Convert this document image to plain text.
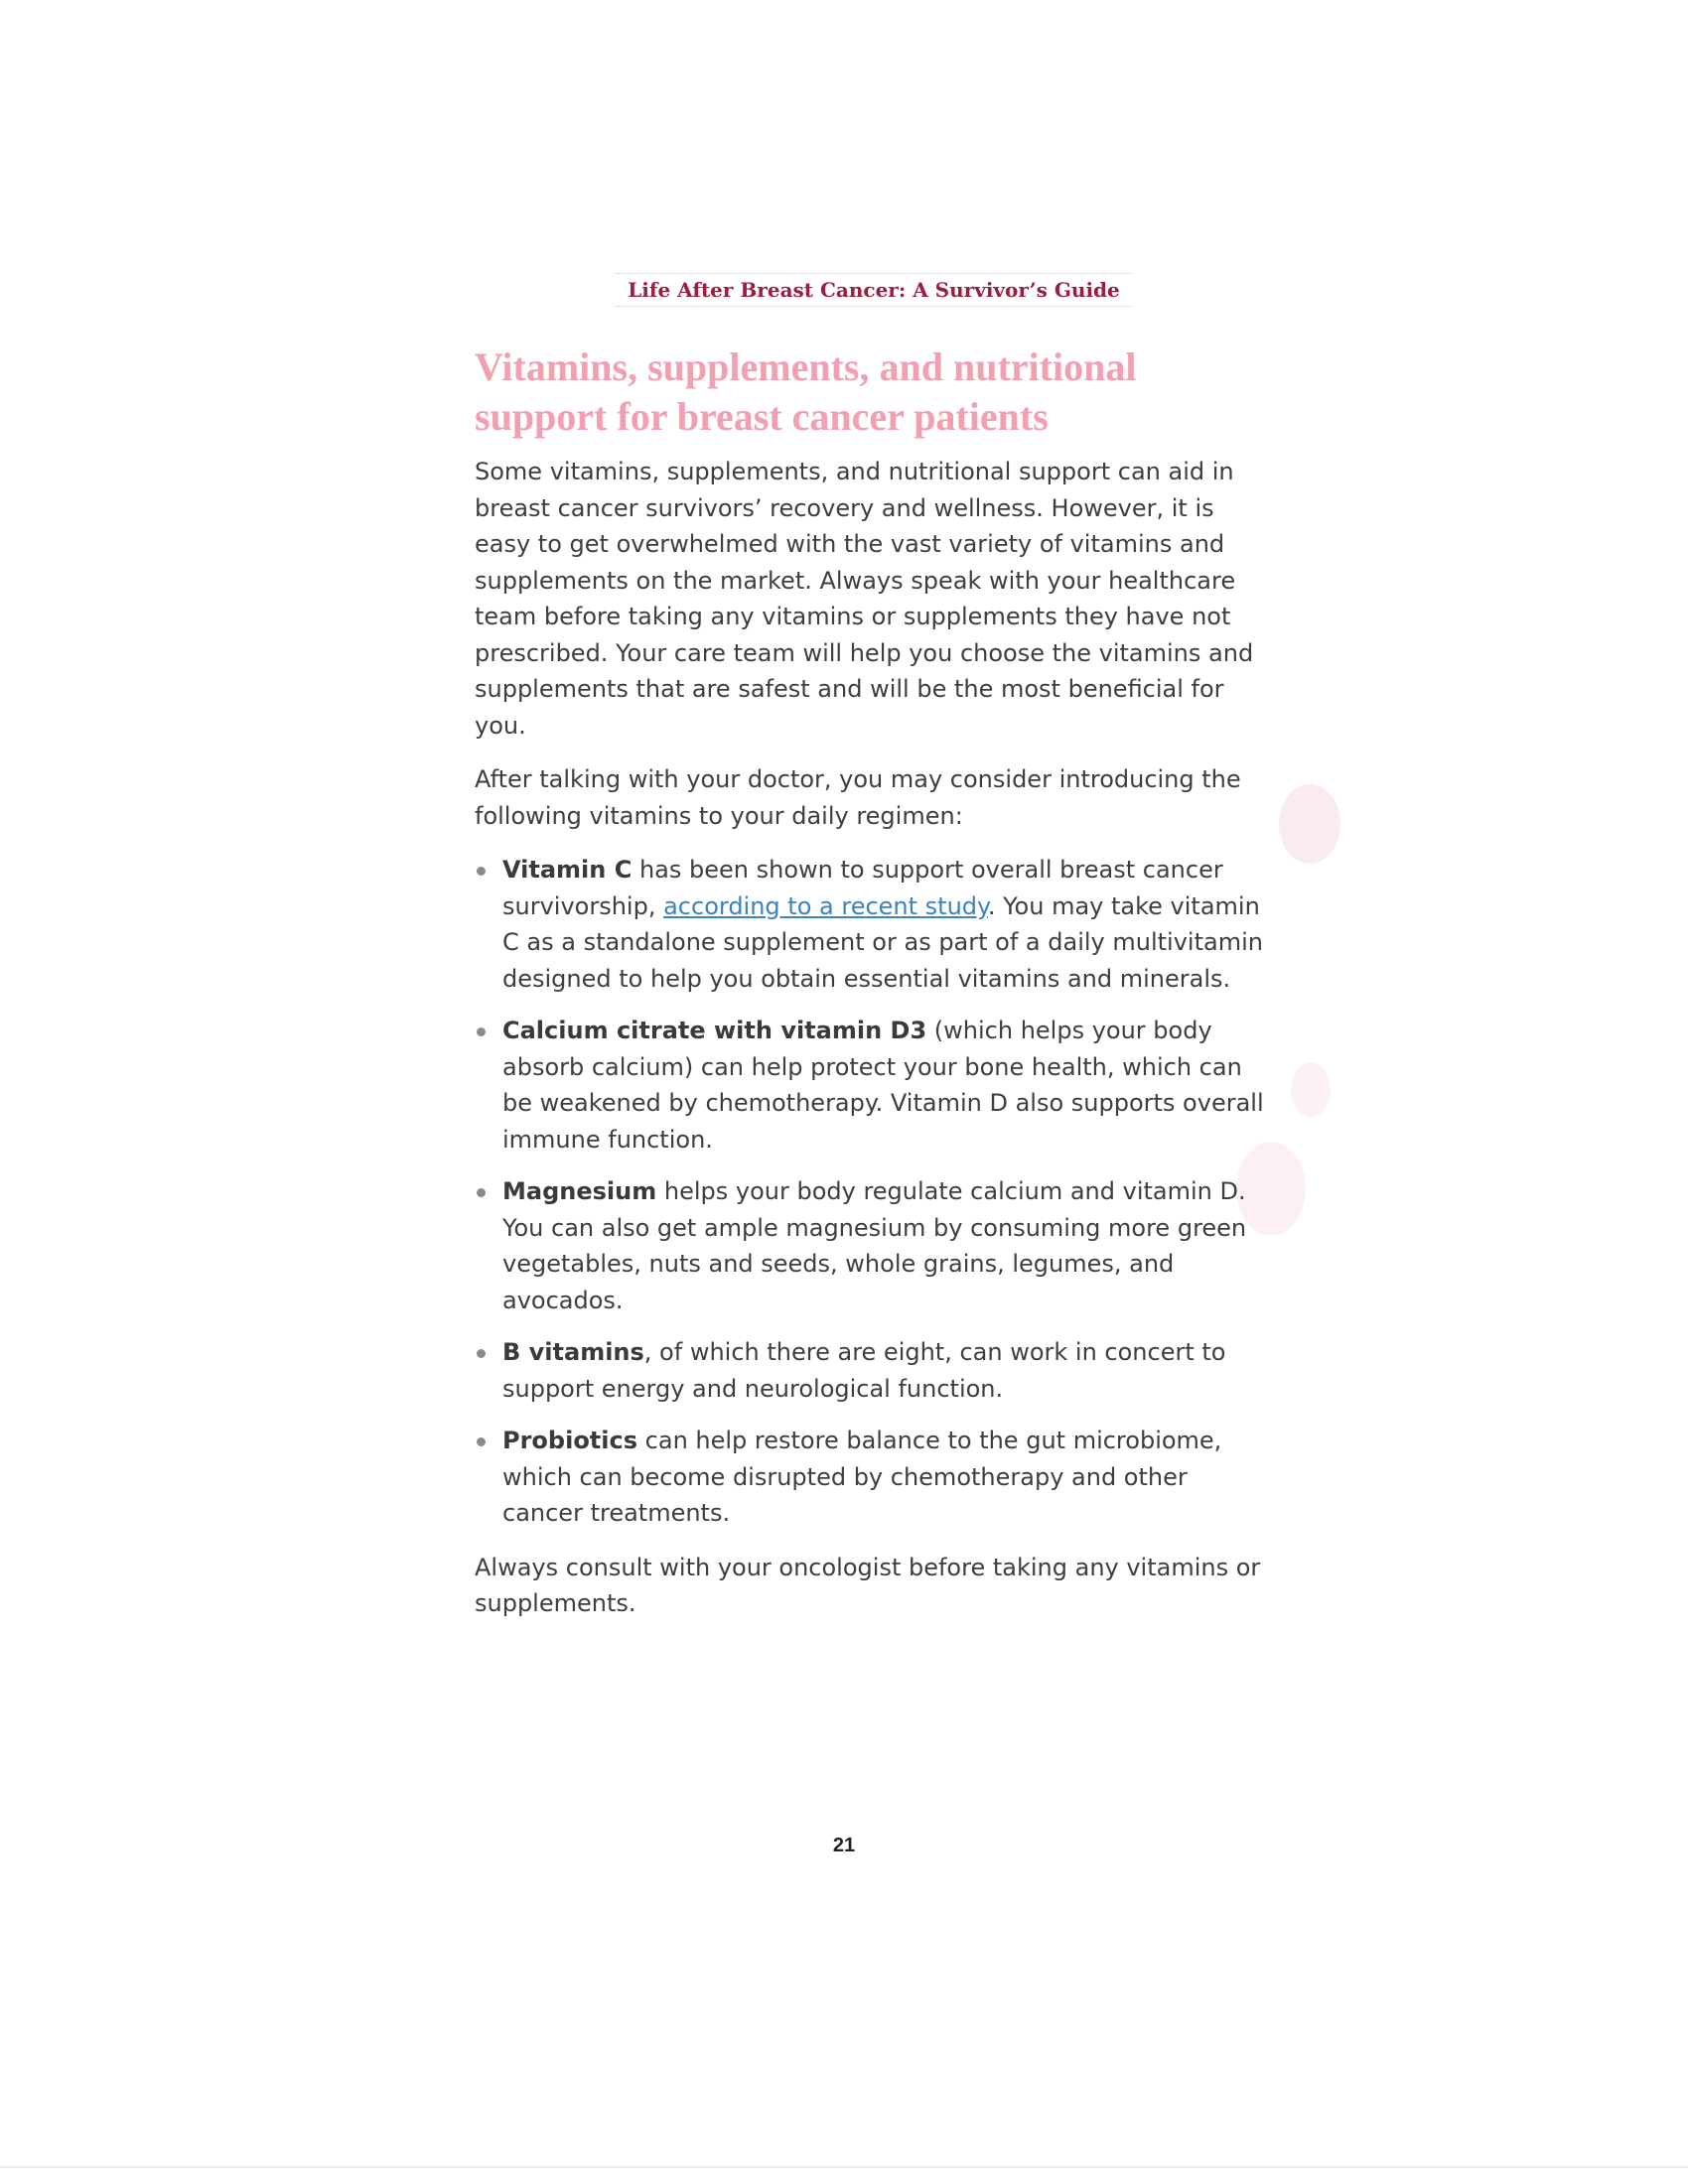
Life After Breast Cancer: A Survivor’s Guide
Vitamins, supplements, and nutritional support for breast cancer patients

Some vitamins, supplements, and nutritional support can aid in breast cancer survivors’ recovery and wellness. However, it is easy to get overwhelmed with the vast variety of vitamins and supplements on the market. Always speak with your healthcare team before taking any vitamins or supplements they have not prescribed. Your care team will help you choose the vitamins and supplements that are safest and will be the most beneficial for you.

After talking with your doctor, you may consider introducing the following vitamins to your daily regimen:

Vitamin C has been shown to support overall breast cancer survivorship, according to a recent study. You may take vitamin C as a standalone supplement or as part of a daily multivitamin designed to help you obtain essential vitamins and minerals.
Calcium citrate with vitamin D3 (which helps your body absorb calcium) can help protect your bone health, which can be weakened by chemotherapy. Vitamin D also supports overall immune function.
Magnesium helps your body regulate calcium and vitamin D. You can also get ample magnesium by consuming more green vegetables, nuts and seeds, whole grains, legumes, and avocados.
B vitamins, of which there are eight, can work in concert to support energy and neurological function.
Probiotics can help restore balance to the gut microbiome, which can become disrupted by chemotherapy and other cancer treatments.

Always consult with your oncologist before taking any vitamins or supplements.

21
